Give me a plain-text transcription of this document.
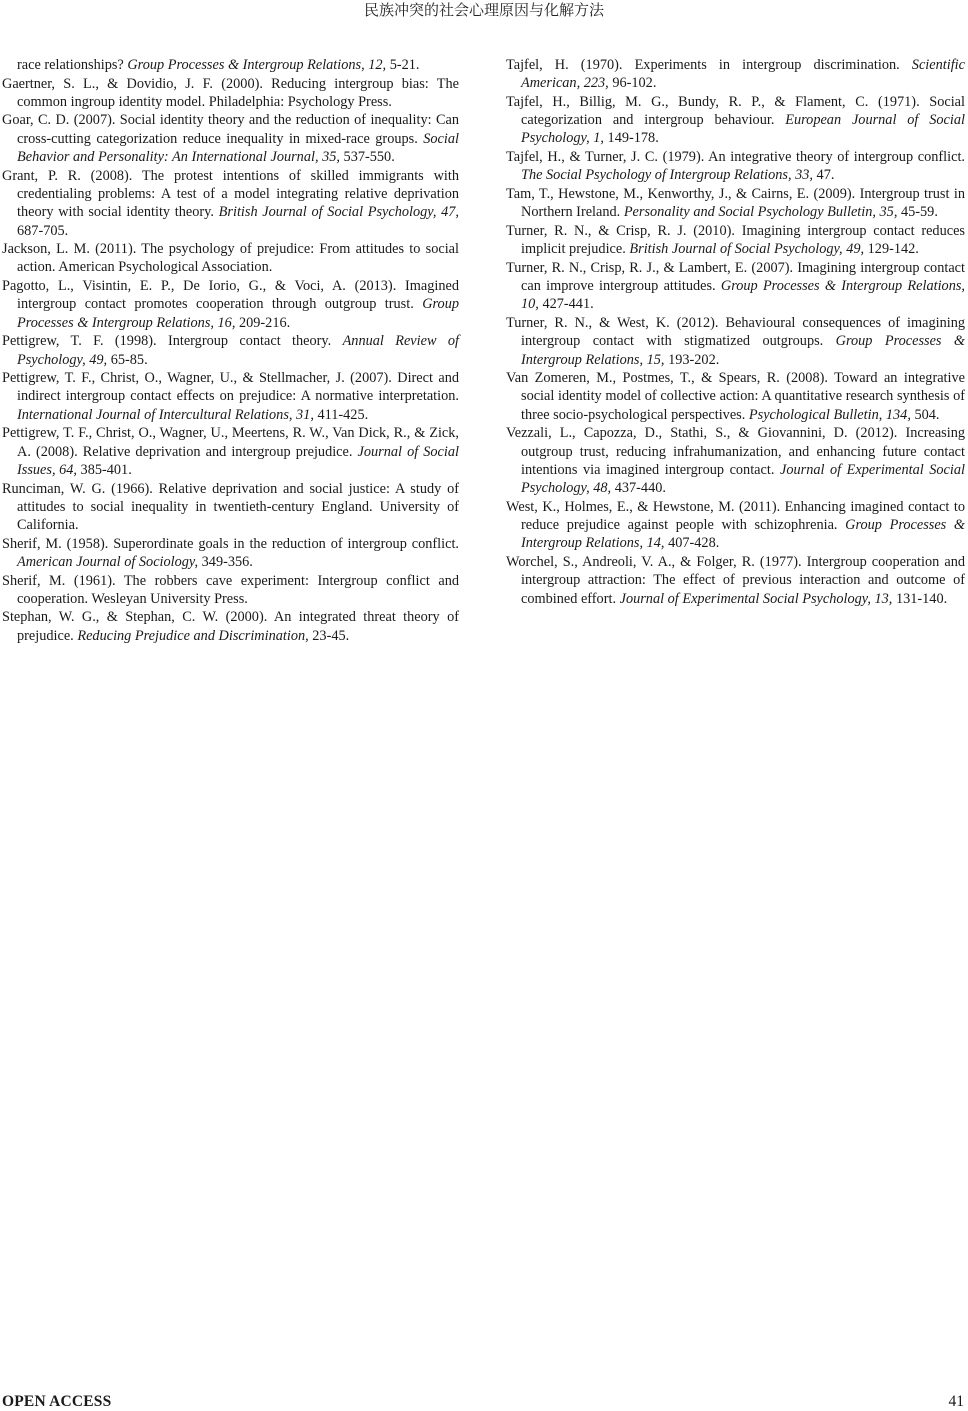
民族冲突的社会心理原因与化解方法

race relationships? Group Processes & Intergroup Relations, 12, 5-21.

Gaertner, S. L., & Dovidio, J. F. (2000). Reducing intergroup bias: The common ingroup identity model. Philadelphia: Psychology Press.

Goar, C. D. (2007). Social identity theory and the reduction of inequality: Can cross-cutting categorization reduce inequality in mixed-race groups. Social Behavior and Personality: An International Journal, 35, 537-550.

Grant, P. R. (2008). The protest intentions of skilled immigrants with credentialing problems: A test of a model integrating relative deprivation theory with social identity theory. British Journal of Social Psychology, 47, 687-705.

Jackson, L. M. (2011). The psychology of prejudice: From attitudes to social action. American Psychological Association.

Pagotto, L., Visintin, E. P., De Iorio, G., & Voci, A. (2013). Imagined intergroup contact promotes cooperation through outgroup trust. Group Processes & Intergroup Relations, 16, 209-216.

Pettigrew, T. F. (1998). Intergroup contact theory. Annual Review of Psychology, 49, 65-85.

Pettigrew, T. F., Christ, O., Wagner, U., & Stellmacher, J. (2007). Direct and indirect intergroup contact effects on prejudice: A normative interpretation. International Journal of Intercultural Relations, 31, 411-425.

Pettigrew, T. F., Christ, O., Wagner, U., Meertens, R. W., Van Dick, R., & Zick, A. (2008). Relative deprivation and intergroup prejudice. Journal of Social Issues, 64, 385-401.

Runciman, W. G. (1966). Relative deprivation and social justice: A study of attitudes to social inequality in twentieth-century England. University of California.

Sherif, M. (1958). Superordinate goals in the reduction of intergroup conflict. American Journal of Sociology, 349-356.

Sherif, M. (1961). The robbers cave experiment: Intergroup conflict and cooperation. Wesleyan University Press.

Stephan, W. G., & Stephan, C. W. (2000). An integrated threat theory of prejudice. Reducing Prejudice and Discrimination, 23-45.

Tajfel, H. (1970). Experiments in intergroup discrimination. Scientific American, 223, 96-102.

Tajfel, H., Billig, M. G., Bundy, R. P., & Flament, C. (1971). Social categorization and intergroup behaviour. European Journal of Social Psychology, 1, 149-178.

Tajfel, H., & Turner, J. C. (1979). An integrative theory of intergroup conflict. The Social Psychology of Intergroup Relations, 33, 47.

Tam, T., Hewstone, M., Kenworthy, J., & Cairns, E. (2009). Intergroup trust in Northern Ireland. Personality and Social Psychology Bulletin, 35, 45-59.

Turner, R. N., & Crisp, R. J. (2010). Imagining intergroup contact reduces implicit prejudice. British Journal of Social Psychology, 49, 129-142.

Turner, R. N., Crisp, R. J., & Lambert, E. (2007). Imagining intergroup contact can improve intergroup attitudes. Group Processes & Intergroup Relations, 10, 427-441.

Turner, R. N., & West, K. (2012). Behavioural consequences of imagining intergroup contact with stigmatized outgroups. Group Processes & Intergroup Relations, 15, 193-202.

Van Zomeren, M., Postmes, T., & Spears, R. (2008). Toward an integrative social identity model of collective action: A quantitative research synthesis of three socio-psychological perspectives. Psychological Bulletin, 134, 504.

Vezzali, L., Capozza, D., Stathi, S., & Giovannini, D. (2012). Increasing outgroup trust, reducing infrahumanization, and enhancing future contact intentions via imagined intergroup contact. Journal of Experimental Social Psychology, 48, 437-440.

West, K., Holmes, E., & Hewstone, M. (2011). Enhancing imagined contact to reduce prejudice against people with schizophrenia. Group Processes & Intergroup Relations, 14, 407-428.

Worchel, S., Andreoli, V. A., & Folger, R. (1977). Intergroup cooperation and intergroup attraction: The effect of previous interaction and outcome of combined effort. Journal of Experimental Social Psychology, 13, 131-140.

OPEN ACCESS	41
